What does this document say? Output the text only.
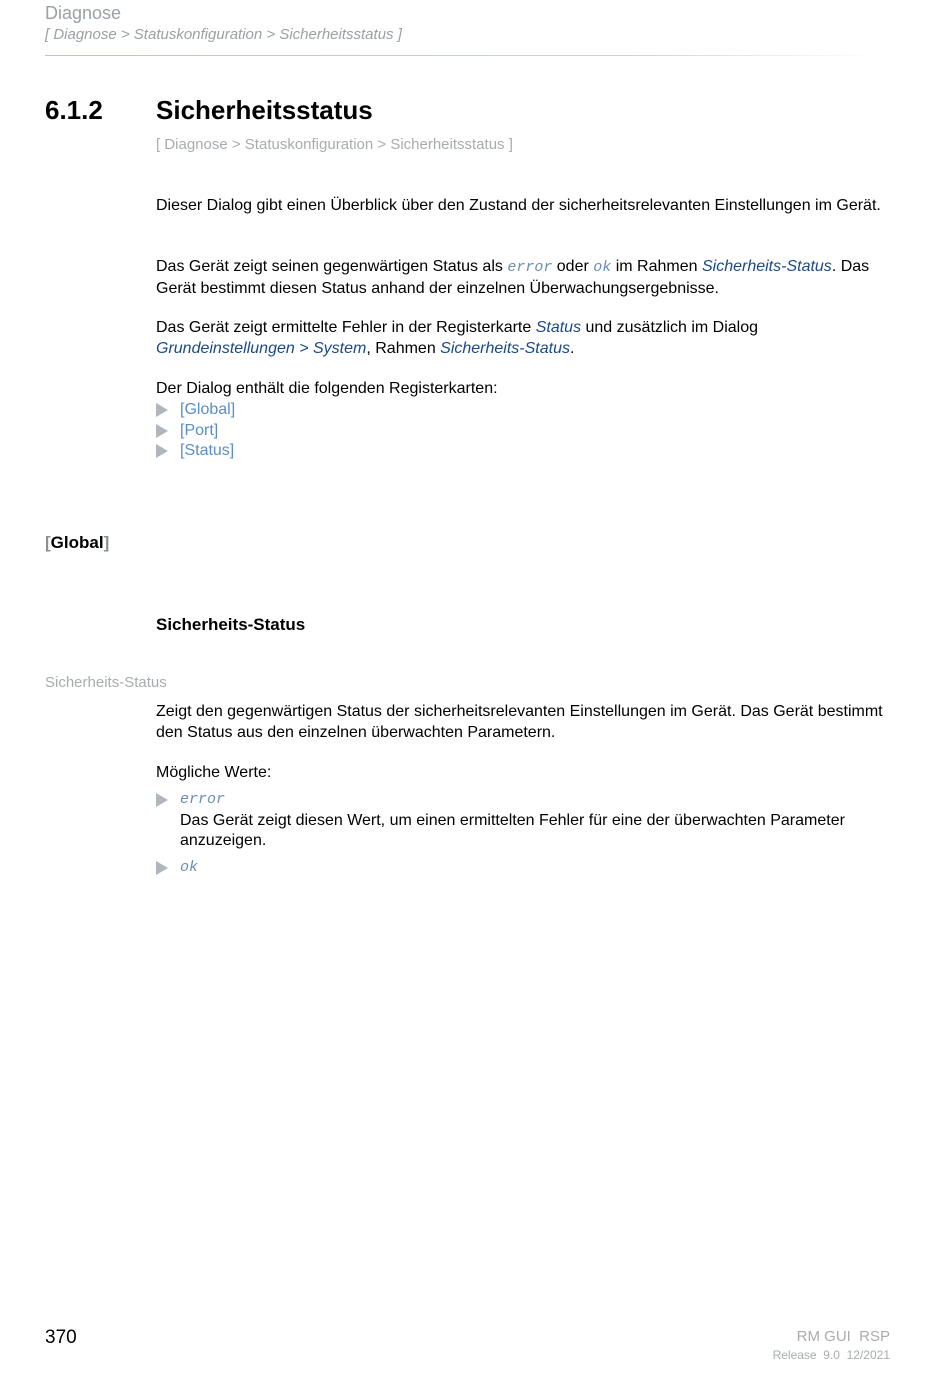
Diagnose
[ Diagnose > Statuskonfiguration > Sicherheitsstatus ]
6.1.2 Sicherheitsstatus
[ Diagnose > Statuskonfiguration > Sicherheitsstatus ]
Dieser Dialog gibt einen Überblick über den Zustand der sicherheitsrelevanten Einstellungen im Gerät.
Das Gerät zeigt seinen gegenwärtigen Status als error oder ok im Rahmen Sicherheits-Status. Das Gerät bestimmt diesen Status anhand der einzelnen Überwachungsergebnisse.
Das Gerät zeigt ermittelte Fehler in der Registerkarte Status und zusätzlich im Dialog Grundeinstellungen > System, Rahmen Sicherheits-Status.
Der Dialog enthält die folgenden Registerkarten:
[Global]
[Port]
[Status]
[Global]
Sicherheits-Status
Sicherheits-Status
Zeigt den gegenwärtigen Status der sicherheitsrelevanten Einstellungen im Gerät. Das Gerät bestimmt den Status aus den einzelnen überwachten Parametern.
Mögliche Werte:
error
Das Gerät zeigt diesen Wert, um einen ermittelten Fehler für eine der überwachten Parameter anzuzeigen.
ok
370	RM GUI  RSP
Release  9.0  12/2021
